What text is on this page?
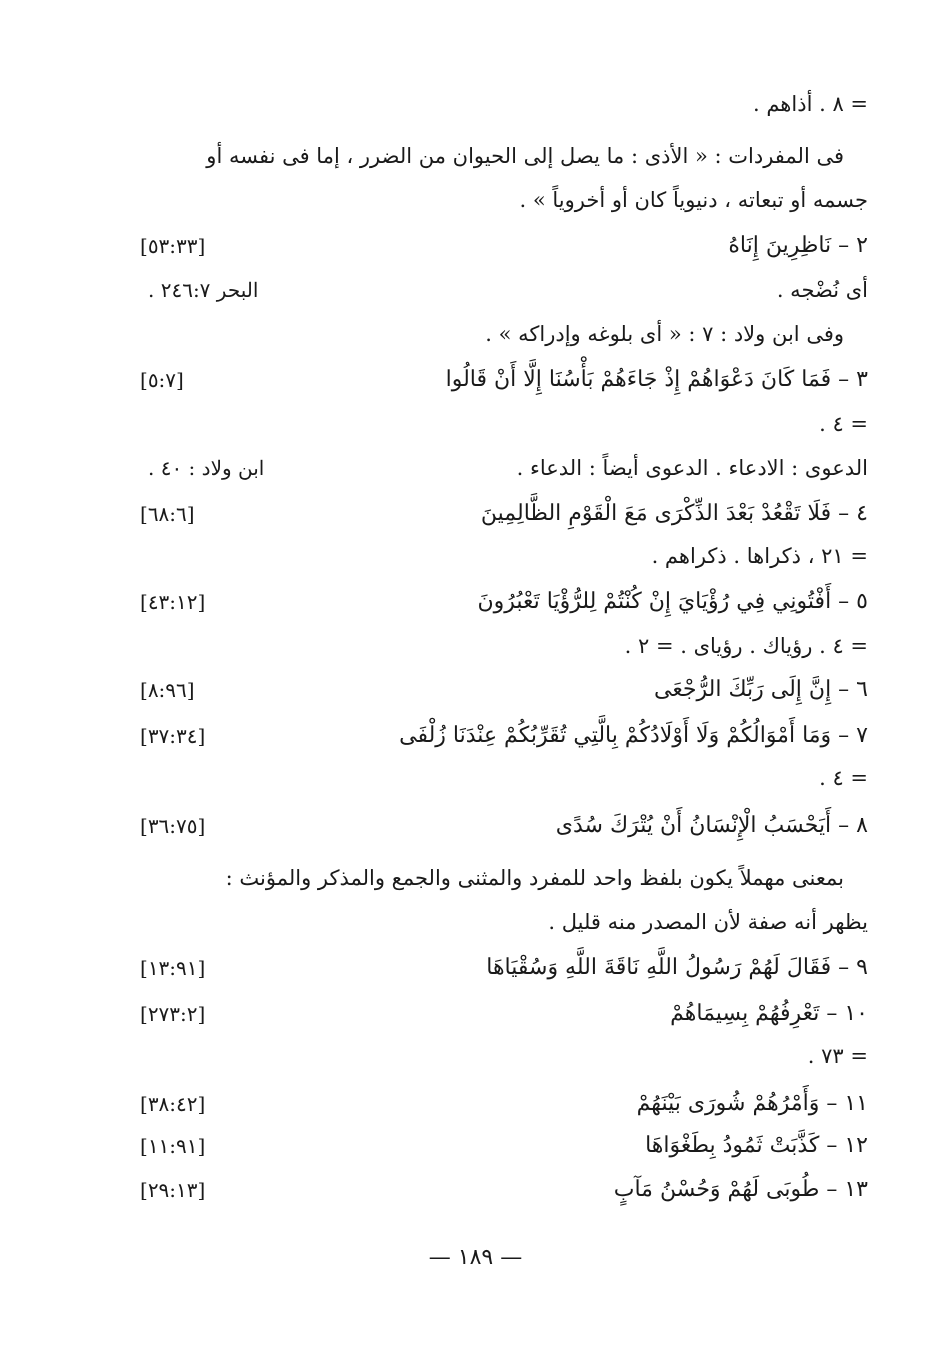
= ٨ . أذاهم .
فى المفردات : « الأذى : ما يصل إلى الحيوان من الضرر ، إما فى نفسه أو
جسمه أو تبعاته ، دنيوياً كان أو أخروياً » .
٢ – نَاظِرِينَ إِنَاهُ
[٥٣:٣٣]
أى نُضْجه .
البحر ٢٤٦:٧ .
وفى ابن ولاد : ٧ : « أى بلوغه وإدراكه » .
٣ – فَمَا كَانَ دَعْوَاهُمْ إِذْ جَاءَهُمْ بَأْسُنَا إِلَّا أَنْ قَالُوا
[٥:٧]
= ٤ .
الدعوى : الادعاء . الدعوى أيضاً : الدعاء .
ابن ولاد : ٤٠ .
٤ – فَلَا تَقْعُدْ بَعْدَ الذِّكْرَى مَعَ الْقَوْمِ الظَّالِمِينَ
[٦٨:٦]
= ٢١ ، ذكراها . ذكراهم .
٥ – أَفْتُونِي فِي رُؤْيَايَ إِنْ كُنْتُمْ لِلرُّؤْيَا تَعْبُرُونَ
[٤٣:١٢]
= ٤ . رؤياك . رؤياى . = ٢ .
٦ – إِنَّ إِلَى رَبِّكَ الرُّجْعَى
[٨:٩٦]
٧ – وَمَا أَمْوَالُكُمْ وَلَا أَوْلَادُكُمْ بِالَّتِي تُقَرِّبُكُمْ عِنْدَنَا زُلْفَى
[٣٧:٣٤]
= ٤ .
٨ – أَيَحْسَبُ الْإِنْسَانُ أَنْ يُتْرَكَ سُدًى
[٣٦:٧٥]
بمعنى مهملاً يكون بلفظ واحد للمفرد والمثنى والجمع والمذكر والمؤنث :
يظهر أنه صفة لأن المصدر منه قليل .
٩ – فَقَالَ لَهُمْ رَسُولُ اللَّهِ نَاقَةَ اللَّهِ وَسُقْيَاهَا
[١٣:٩١]
١٠ – تَعْرِفُهُمْ بِسِيمَاهُمْ
[٢٧٣:٢]
= ٧٣ .
١١ – وَأَمْرُهُمْ شُورَى بَيْنَهُمْ
[٣٨:٤٢]
١٢ – كَذَّبَتْ ثَمُودُ بِطَغْوَاهَا
[١١:٩١]
١٣ – طُوبَى لَهُمْ وَحُسْنُ مَآبٍ
[٢٩:١٣]
— ١٨٩ —
